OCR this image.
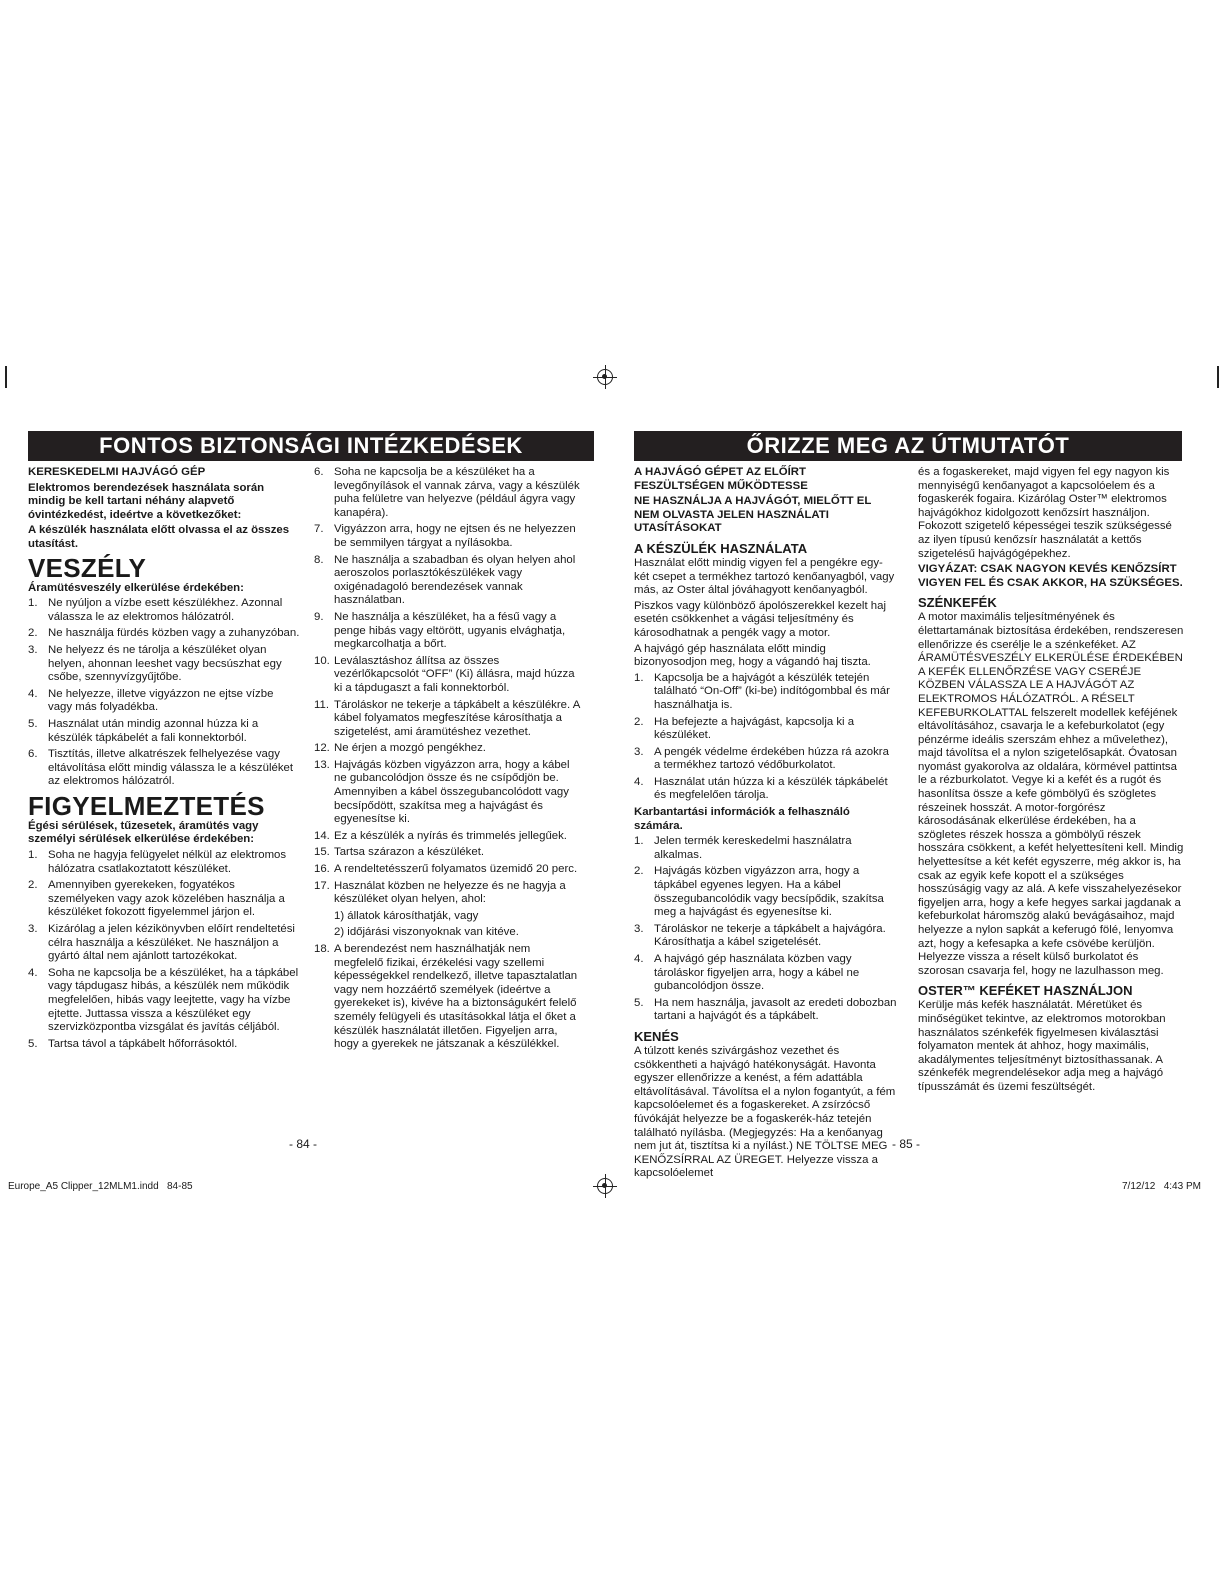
FONTOS BIZTONSÁGI INTÉZKEDÉSEK

KERESKEDELMI HAJVÁGÓ GÉP

Elektromos berendezések használata során mindig be kell tartani néhány alapvető óvintézkedést, ideértve a következőket:

A készülék használata előtt olvassa el az összes utasítást.

VESZÉLY

Áramütésveszély elkerülése érdekében:

1. Ne nyúljon a vízbe esett készülékhez. Azonnal válassza le az elektromos hálózatról.
2. Ne használja fürdés közben vagy a zuhanyzóban.
3. Ne helyezz és ne tárolja a készüléket olyan helyen, ahonnan leeshet vagy becsúszhat egy csőbe, szennyvízgyűjtőbe.
4. Ne helyezze, illetve vigyázzon ne ejtse vízbe vagy más folyadékba.
5. Használat után mindig azonnal húzza ki a készülék tápkábelét a fali konnektorból.
6. Tisztítás, illetve alkatrészek felhelyezése vagy eltávolítása előtt mindig válassza le a készüléket az elektromos hálózatról.
FIGYELMEZTETÉS

Égési sérülések, tűzesetek, áramütés vagy személyi sérülések elkerülése érdekében:

1. Soha ne hagyja felügyelet nélkül az elektromos hálózatra csatlakoztatott készüléket.
2. Amennyiben gyerekeken, fogyatékos személyeken vagy azok közelében használja a készüléket fokozott figyelemmel járjon el.
3. Kizárólag a jelen kézikönyvben előírt rendeltetési célra használja a készüléket. Ne használjon a gyártó által nem ajánlott tartozékokat.
4. Soha ne kapcsolja be a készüléket, ha a tápkábel vagy tápdugasz hibás, a készülék nem működik megfelelően, hibás vagy leejtette, vagy ha vízbe ejtette. Juttassa vissza a készüléket egy szervizközpontba vizsgálat és javítás céljából.
5. Tartsa távol a tápkábelt hőforrásoktól.
6. Soha ne kapcsolja be a készüléket ha a levegőnyílások el vannak zárva, vagy a készülék puha felületre van helyezve (például ágyra vagy kanapéra).
7. Vigyázzon arra, hogy ne ejtsen és ne helyezzen be semmilyen tárgyat a nyílásokba.
8. Ne használja a szabadban és olyan helyen ahol aeroszolos porlasztókészülékek vagy oxigénadagoló berendezések vannak használatban.
9. Ne használja a készüléket, ha a fésű vagy a penge hibás vagy eltörött, ugyanis elvághatja, megkarcolhatja a bőrt.
10. Leválasztáshoz állítsa az összes vezérlőkapcsolót “OFF” (Ki) állásra, majd húzza ki a tápdugaszt a fali konnektorból.
11. Tároláskor ne tekerje a tápkábelt a készülékre. A kábel folyamatos megfeszítése károsíthatja a szigetelést, ami áramütéshez vezethet.
12. Ne érjen a mozgó pengékhez.
13. Hajvágás közben vigyázzon arra, hogy a kábel ne gubancolódjon össze és ne csípődjön be. Amennyiben a kábel összegubancolódott vagy becsípődött, szakítsa meg a hajvágást és egyenesítse ki.
14. Ez a készülék a nyírás és trimmelés jellegűek.
15. Tartsa szárazon a készüléket.
16. A rendeltetésszerű folyamatos üzemidő 20 perc.
17. Használat közben ne helyezze és ne hagyja a készüléket olyan helyen, ahol:
1) állatok károsíthatják, vagy
2) időjárási viszonyoknak van kitéve.
18. A berendezést nem használhatják nem megfelelő fizikai, érzékelési vagy szellemi képességekkel rendelkező, illetve tapasztalatlan vagy nem hozzáértő személyek (ideértve a gyerekeket is), kivéve ha a biztonságukért felelő személy felügyeli és utasításokkal látja el őket a készülék használatát illetően. Figyeljen arra, hogy a gyerekek ne játszanak a készülékkel.
- 84 -
ŐRIZZE MEG AZ ÚTMUTATÓT

A HAJVÁGÓ GÉPET AZ ELŐÍRT FESZÜLTSÉGEN MŰKÖDTESSE

NE HASZNÁLJA A HAJVÁGÓT, MIELŐTT EL NEM OLVASTA JELEN HASZNÁLATI UTASÍTÁSOKAT

A KÉSZÜLÉK HASZNÁLATA

Használat előtt mindig vigyen fel a pengékre egy-két csepet a termékhez tartozó kenőanyagból, vagy más, az Oster által jóváhagyott kenőanyagból.

Piszkos vagy különböző ápolószerekkel kezelt haj esetén csökkenhet a vágási teljesítmény és károsodhatnak a pengék vagy a motor.

A hajvágó gép használata előtt mindig bizonyosodjon meg, hogy a vágandó haj tiszta.

1. Kapcsolja be a hajvágót a készülék tetején található “On-Off” (ki-be) indítógombbal és már használhatja is.
2. Ha befejezte a hajvágást, kapcsolja ki a készüléket.
3. A pengék védelme érdekében húzza rá azokra a termékhez tartozó védőburkolatot.
4. Használat után húzza ki a készülék tápkábelét és megfelelően tárolja.

Karbantartási információk a felhasználó számára.

1. Jelen termék kereskedelmi használatra alkalmas.
2. Hajvágás közben vigyázzon arra, hogy a tápkábel egyenes legyen. Ha a kábel összegubancolódik vagy becsípődik, szakítsa meg a hajvágást és egyenesítse ki.
3. Tároláskor ne tekerje a tápkábelt a hajvágóra. Károsíthatja a kábel szigetelését.
4. A hajvágó gép használata közben vagy tároláskor figyeljen arra, hogy a kábel ne gubancolódjon össze.
5. Ha nem használja, javasolt az eredeti dobozban tartani a hajvágót és a tápkábelt.
KENÉS

A túlzott kenés szivárgáshoz vezethet és csökkentheti a hajvágó hatékonyságát. Havonta egyszer ellenőrizze a kenést, a fém adattábla eltávolításával. Távolítsa el a nylon fogantyút, a fém kapcsolóelemet és a fogaskereket. A zsírzócső fúvókáját helyezze be a fogaskerék-ház tetején található nyílásba. (Megjegyzés: Ha a kenőanyag nem jut át, tisztítsa ki a nyílást.) NE TÖLTSE MEG KENŐZSÍRRAL AZ ÜREGET. Helyezze vissza a kapcsolóelemet

és a fogaskereket, majd vigyen fel egy nagyon kis mennyiségű kenőanyagot a kapcsolóelem és a fogaskerék fogaira. Kizárólag Oster™ elektromos hajvágókhoz kidolgozott kenőzsírt használjon. Fokozott szigetelő képességei teszik szükségessé az ilyen típusú kenőzsír használatát a kettős szigetelésű hajvágógépekhez.

VIGYÁZAT: CSAK NAGYON KEVÉS KENŐZSÍRT VIGYEN FEL ÉS CSAK AKKOR, HA SZÜKSÉGES.

SZÉNKEFÉK

A motor maximális teljesítményének és élettartamának biztosítása érdekében, rendszeresen ellenőrizze és cserélje le a szénkeféket. AZ ÁRAMÜTÉSVESZÉLY ELKERÜLÉSE ÉRDEKÉBEN A KEFÉK ELLENŐRZÉSE VAGY CSERÉJE KÖZBEN VÁLASSZA LE A HAJVÁGÓT AZ ELEKTROMOS HÁLÓZATRÓL. A RÉSELT KEFEBURKOLATTAL felszerelt modellek keféjének eltávolításához, csavarja le a kefeburkolatot (egy pénzérme ideális szerszám ehhez a művelethez), majd távolítsa el a nylon szigetelősapkát. Óvatosan nyomást gyakorolva az oldalára, körmével pattintsa le a rézburkolatot. Vegye ki a kefét és a rugót és hasonlítsa össze a kefe gömbölyű és szögletes részeinek hosszát. A motor-forgórész károsodásának elkerülése érdekében, ha a szögletes részek hossza a gömbölyű részek hosszára csökkent, a kefét helyettesíteni kell. Mindig helyettesítse a két kefét egyszerre, még akkor is, ha csak az egyik kefe kopott el a szükséges hosszúságig vagy az alá. A kefe visszahelyezésekor figyeljen arra, hogy a kefe hegyes sarkai jagdanak a kefeburkolat háromszög alakú bevágásaihoz, majd helyezze a nylon sapkát a keferugó fölé, lenyomva azt, hogy a kefesapka a kefe csövébe kerüljön. Helyezze vissza a réselt külső burkolatot és szorosan csavarja fel, hogy ne lazulhasson meg.

OSTER™ KEFÉKET HASZNÁLJON

Kerülje más kefék használatát. Méretüket és minőségüket tekintve, az elektromos motorokban használatos szénkefék figyelmesen kiválasztási folyamaton mentek át ahhoz, hogy maximális, akadálymentes teljesítményt biztosíthassanak. A szénkefék megrendelésekor adja meg a hajvágó típusszámát és üzemi feszültségét.

- 85 -
Europe_A5 Clipper_12MLM1.indd   84-85	7/12/12   4:43 PM
